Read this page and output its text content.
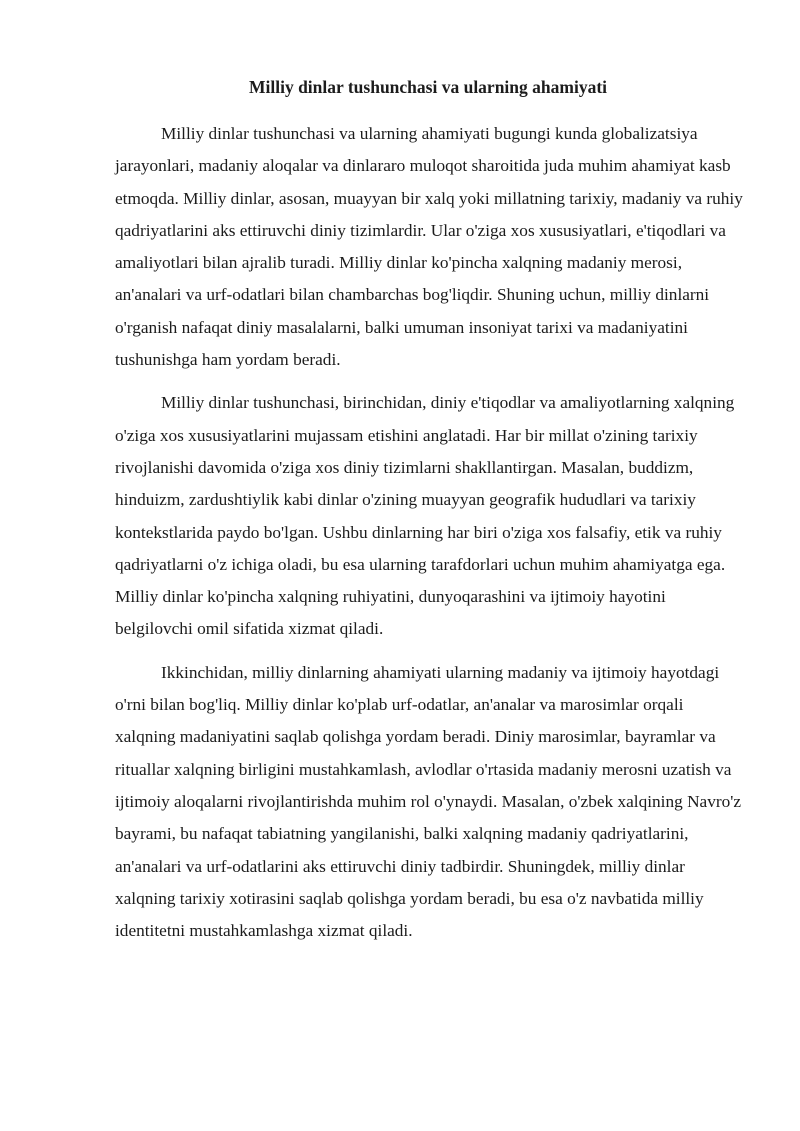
Milliy dinlar tushunchasi va ularning ahamiyati

Milliy dinlar tushunchasi va ularning ahamiyati bugungi kunda globalizatsiya jarayonlari, madaniy aloqalar va dinlararo muloqot sharoitida juda muhim ahamiyat kasb etmoqda. Milliy dinlar, asosan, muayyan bir xalq yoki millatning tarixiy, madaniy va ruhiy qadriyatlarini aks ettiruvchi diniy tizimlardir. Ular o'ziga xos xususiyatlari, e'tiqodlari va amaliyotlari bilan ajralib turadi. Milliy dinlar ko'pincha xalqning madaniy merosi, an'analari va urf-odatlari bilan chambarchas bog'liqdir. Shuning uchun, milliy dinlarni o'rganish nafaqat diniy masalalarni, balki umuman insoniyat tarixi va madaniyatini tushunishga ham yordam beradi.

Milliy dinlar tushunchasi, birinchidan, diniy e'tiqodlar va amaliyotlarning xalqning o'ziga xos xususiyatlarini mujassam etishini anglatadi. Har bir millat o'zining tarixiy rivojlanishi davomida o'ziga xos diniy tizimlarni shakllantirgan. Masalan, buddizm, hinduizm, zardushtiylik kabi dinlar o'zining muayyan geografik hududlari va tarixiy kontekstlarida paydo bo'lgan. Ushbu dinlarning har biri o'ziga xos falsafiy, etik va ruhiy qadriyatlarni o'z ichiga oladi, bu esa ularning tarafdorlari uchun muhim ahamiyatga ega. Milliy dinlar ko'pincha xalqning ruhiyatini, dunyoqarashini va ijtimoiy hayotini belgilovchi omil sifatida xizmat qiladi.

Ikkinchidan, milliy dinlarning ahamiyati ularning madaniy va ijtimoiy hayotdagi o'rni bilan bog'liq. Milliy dinlar ko'plab urf-odatlar, an'analar va marosimlar orqali xalqning madaniyatini saqlab qolishga yordam beradi. Diniy marosimlar, bayramlar va rituallar xalqning birligini mustahkamlash, avlodlar o'rtasida madaniy merosni uzatish va ijtimoiy aloqalarni rivojlantirishda muhim rol o'ynaydi. Masalan, o'zbek xalqining Navro'z bayrami, bu nafaqat tabiatning yangilanishi, balki xalqning madaniy qadriyatlarini, an'analari va urf-odatlarini aks ettiruvchi diniy tadbirdir. Shuningdek, milliy dinlar xalqning tarixiy xotirasini saqlab qolishga yordam beradi, bu esa o'z navbatida milliy identitetni mustahkamlashga xizmat qiladi.
